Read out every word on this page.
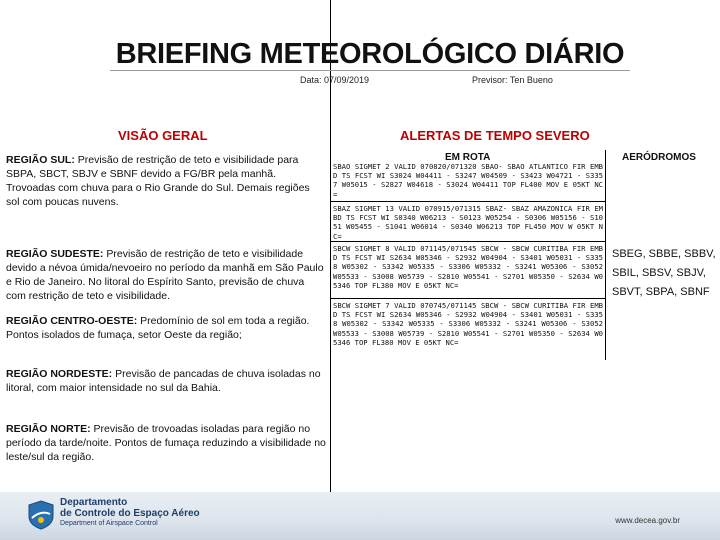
BRIEFING METEOROLÓGICO DIÁRIO
Data: 07/09/2019	Previsor: Ten Bueno
VISÃO GERAL	ALERTAS DE TEMPO SEVERO
REGIÃO SUL: Previsão de restrição de teto e visibilidade para SBPA, SBCT, SBJV e SBNF devido a FG/BR pela manhã. Trovoadas com chuva para o Rio Grande do Sul. Demais regiões sol com poucas nuvens.
REGIÃO SUDESTE: Previsão de restrição de teto e visibilidade devido a névoa úmida/nevoeiro no período da manhã em São Paulo e Rio de Janeiro. No litoral do Espírito Santo, previsão de chuva com restrição de teto e visibilidade.
REGIÃO CENTRO-OESTE: Predomínio de sol em toda a região. Pontos isolados de fumaça, setor Oeste da região;
REGIÃO NORDESTE: Previsão de pancadas de chuva isoladas no litoral, com maior intensidade no sul da Bahia.
REGIÃO NORTE: Previsão de trovoadas isoladas para região no período da tarde/noite. Pontos de fumaça reduzindo a visibilidade no leste/sul da região.
EM ROTA	AERÓDROMOS
SBAO SIGMET 2 VALID 070820/071320 SBAO- SBAO ATLANTICO FIR EMBD TS FCST WI S3024 W04411 - S3247 W04509 - S3423 W04721 - S3357 W05015 - S2827 W04618 - S3024 W04411 TOP FL400 MOV E 05KT NC=
SBAZ SIGMET 13 VALID 070915/071315 SBAZ- SBAZ AMAZONICA FIR EMBD TS FCST WI S0340 W06213 - S0123 W05254 - S0306 W05156 - S1051 W05455 - S1041 W06014 - S0340 W06213 TOP FL450 MOV W 05KT NC=
SBCW SIGMET 8 VALID 071145/071545 SBCW - SBCW CURITIBA FIR EMBD TS FCST WI S2634 W05346 - S2932 W04904 - S3401 W05031 - S3358 W05302 - S3342 W05335 - S3306 W05332 - S3241 W05306 - S3052 W05533 - S3008 W05739 - S2810 W05541 - S2701 W05350 - S2634 W05346 TOP FL380 MOV E 05KT NC=
SBCW SIGMET 7 VALID 070745/071145 SBCW - SBCW CURITIBA FIR EMBD TS FCST WI S2634 W05346 - S2932 W04904 - S3401 W05031 - S3358 W05302 - S3342 W05335 - S3306 W05332 - S3241 W05306 - S3052 W05533 - S3008 W05739 - S2810 W05541 - S2701 W05350 - S2634 W05346 TOP FL380 MOV E 05KT NC=
SBEG, SBBE, SBBV,
SBIL, SBSV, SBJV,
SBVT, SBPA, SBNF
Departamento
de Controle do Espaço Aéreo
Department of Airspace Control	www.decea.gov.br
